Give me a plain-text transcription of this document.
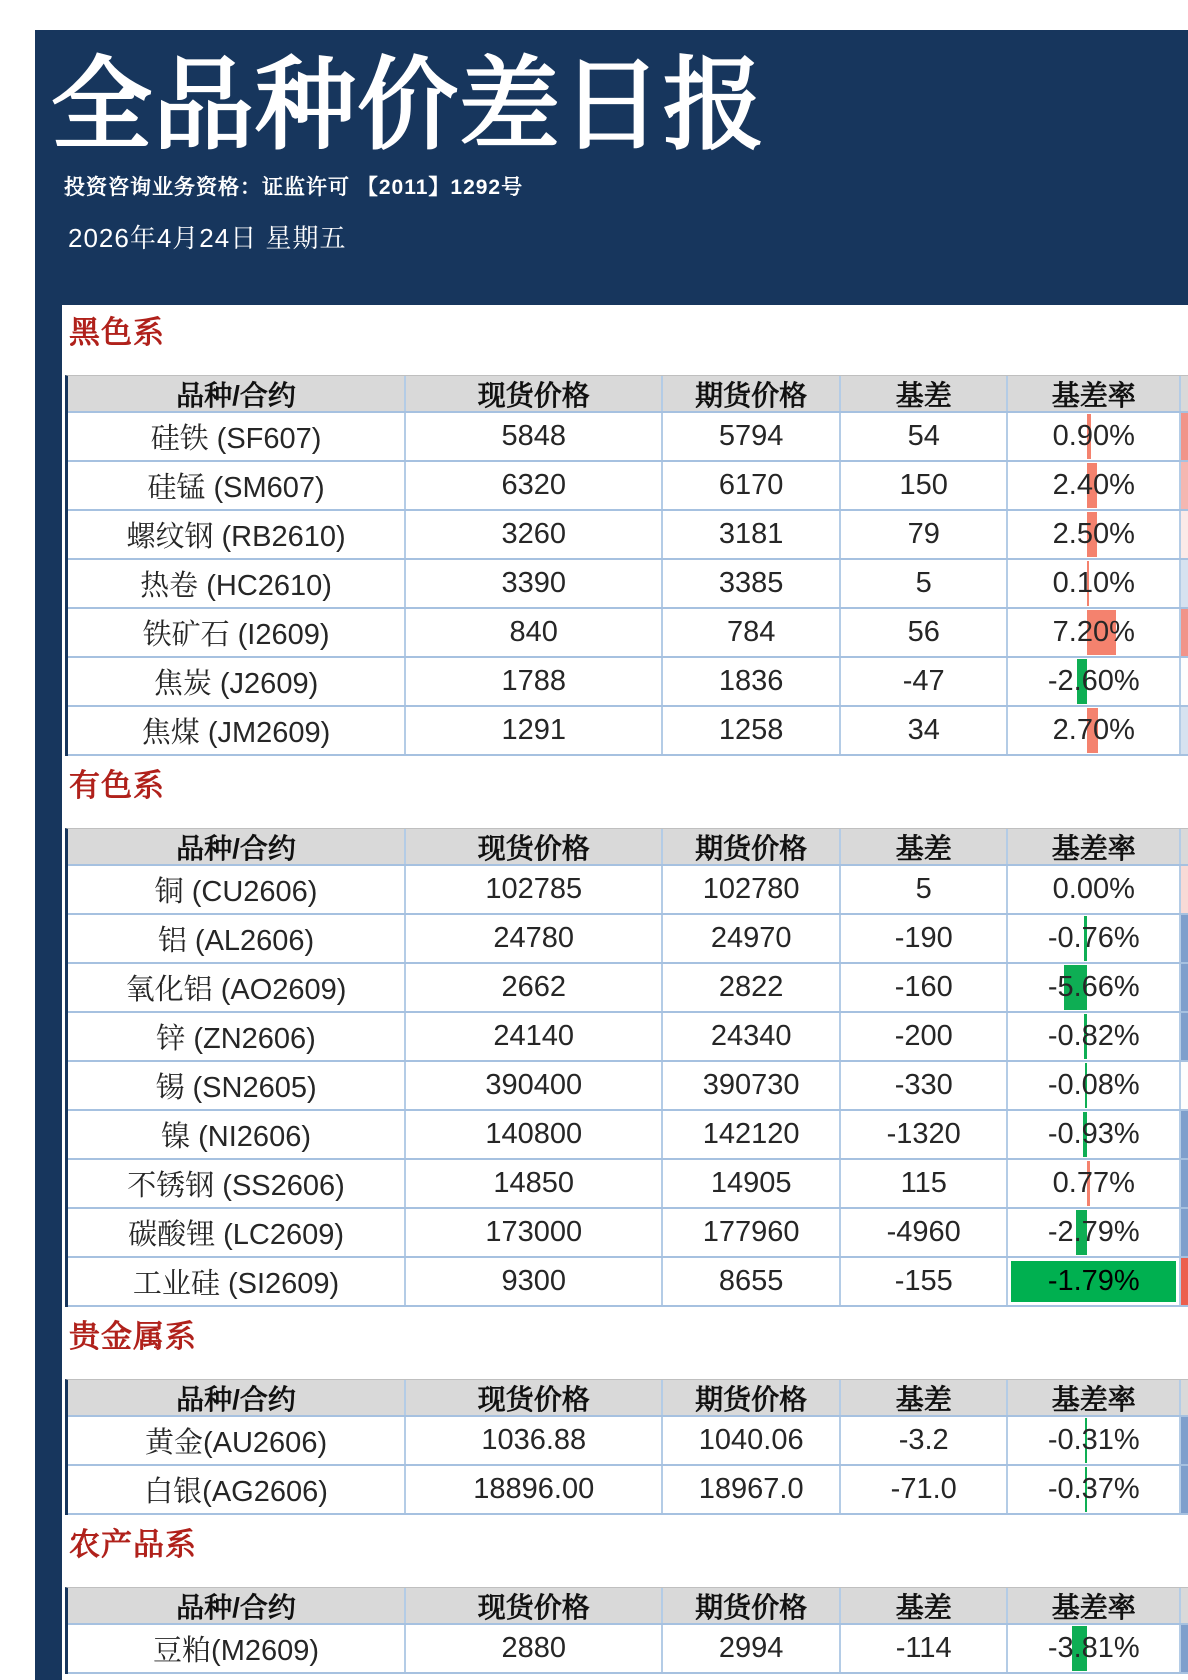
全品种价差日报
投资咨询业务资格：证监许可 【2011】1292号
2026年4月24日 星期五
黑色系
品种/合约	现货价格	期货价格	基差	基差率
硅铁 (SF607)	5848	5794	54	0.90%
硅锰 (SM607)	6320	6170	150	2.40%
螺纹钢 (RB2610)	3260	3181	79	2.50%
热卷 (HC2610)	3390	3385	5	0.10%
铁矿石 (I2609)	840	784	56	7.20%
焦炭 (J2609)	1788	1836	-47	-2.60%
焦煤 (JM2609)	1291	1258	34	2.70%
有色系
品种/合约	现货价格	期货价格	基差	基差率
铜 (CU2606)	102785	102780	5	0.00%
铝 (AL2606)	24780	24970	-190	-0.76%
氧化铝 (AO2609)	2662	2822	-160	-5.66%
锌 (ZN2606)	24140	24340	-200	-0.82%
锡 (SN2605)	390400	390730	-330	-0.08%
镍 (NI2606)	140800	142120	-1320	-0.93%
不锈钢 (SS2606)	14850	14905	115	0.77%
碳酸锂 (LC2609)	173000	177960	-4960	-2.79%
工业硅 (SI2609)	9300	8655	-155	-1.79%
贵金属系
品种/合约	现货价格	期货价格	基差	基差率
黄金(AU2606)	1036.88	1040.06	-3.2	-0.31%
白银(AG2606)	18896.00	18967.0	-71.0	-0.37%
农产品系
品种/合约	现货价格	期货价格	基差	基差率
豆粕(M2609)	2880	2994	-114	-3.81%
